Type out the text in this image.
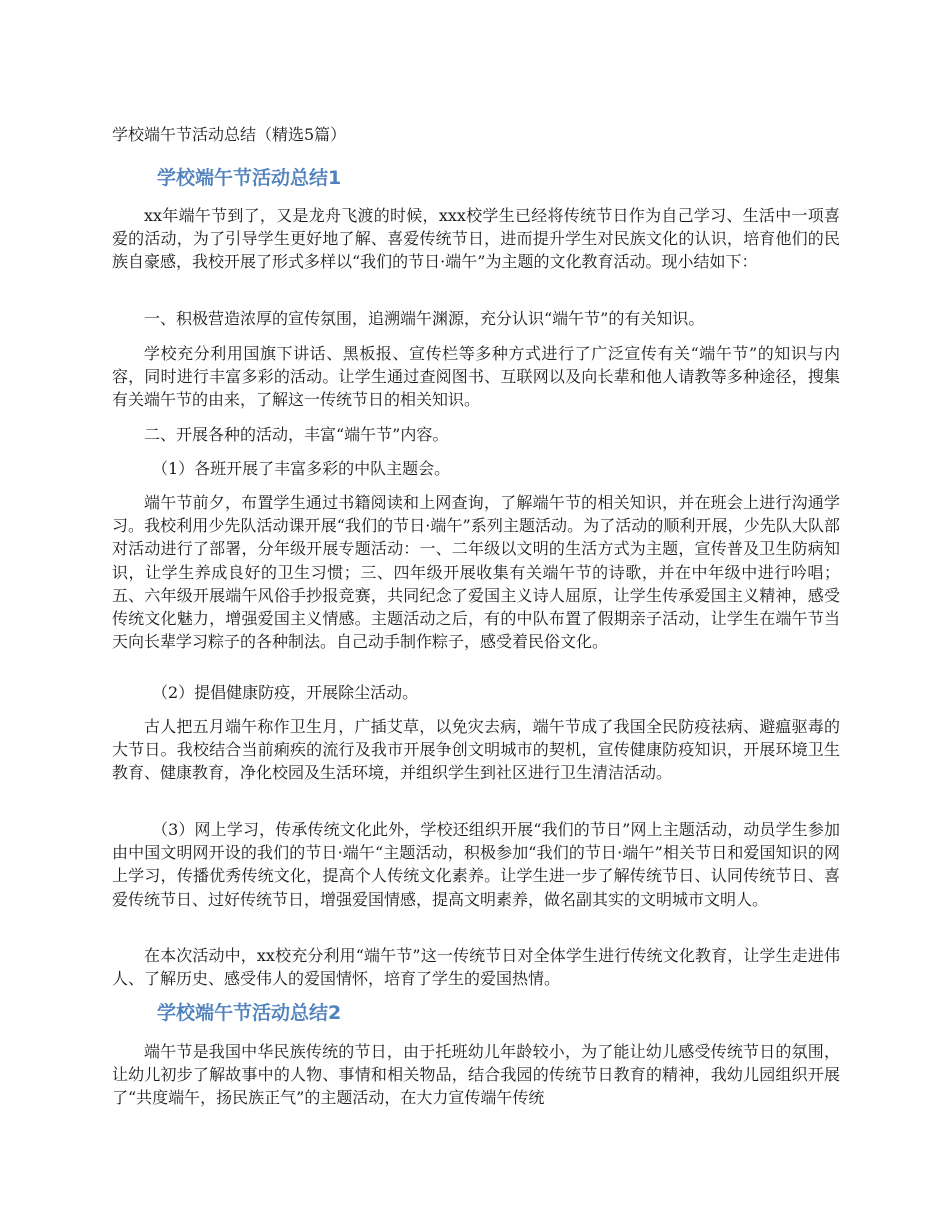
学校端午节活动总结（精选5篇）
学校端午节活动总结1

xx年端午节到了，又是龙舟飞渡的时候，xxx校学生已经将传统节日作为自己学习、生活中一项喜爱的活动，为了引导学生更好地了解、喜爱传统节日，进而提升学生对民族文化的认识，培育他们的民族自豪感，我校开展了形式多样以“我们的节日·端午”为主题的文化教育活动。现小结如下：

一、积极营造浓厚的宣传氛围，追溯端午渊源，充分认识“端午节”的有关知识。

学校充分利用国旗下讲话、黑板报、宣传栏等多种方式进行了广泛宣传有关“端午节”的知识与内容，同时进行丰富多彩的活动。让学生通过查阅图书、互联网以及向长辈和他人请教等多种途径，搜集有关端午节的由来，了解这一传统节日的相关知识。

二、开展各种的活动，丰富“端午节”内容。

（1）各班开展了丰富多彩的中队主题会。

端午节前夕，布置学生通过书籍阅读和上网查询，了解端午节的相关知识，并在班会上进行沟通学习。我校利用少先队活动课开展“我们的节日·端午”系列主题活动。为了活动的顺利开展，少先队大队部对活动进行了部署，分年级开展专题活动：一、二年级以文明的生活方式为主题，宣传普及卫生防病知识，让学生养成良好的卫生习惯；三、四年级开展收集有关端午节的诗歌，并在中年级中进行吟唱；五、六年级开展端午风俗手抄报竞赛，共同纪念了爱国主义诗人屈原，让学生传承爱国主义精神，感受传统文化魅力，增强爱国主义情感。主题活动之后，有的中队布置了假期亲子活动，让学生在端午节当天向长辈学习粽子的各种制法。自己动手制作粽子，感受着民俗文化。

（2）提倡健康防疫，开展除尘活动。

古人把五月端午称作卫生月，广插艾草，以免灾去病，端午节成了我国全民防疫祛病、避瘟驱毒的大节日。我校结合当前痢疾的流行及我市开展争创文明城市的契机，宣传健康防疫知识，开展环境卫生教育、健康教育，净化校园及生活环境，并组织学生到社区进行卫生清洁活动。

（3）网上学习，传承传统文化此外，学校还组织开展“我们的节日”网上主题活动，动员学生参加由中国文明网开设的我们的节日·端午“主题活动，积极参加“我们的节日·端午”相关节日和爱国知识的网上学习，传播优秀传统文化，提高个人传统文化素养。让学生进一步了解传统节日、认同传统节日、喜爱传统节日、过好传统节日，增强爱国情感，提高文明素养，做名副其实的文明城市文明人。

在本次活动中，xx校充分利用“端午节”这一传统节日对全体学生进行传统文化教育，让学生走进伟人、了解历史、感受伟人的爱国情怀，培育了学生的爱国热情。

学校端午节活动总结2

端午节是我国中华民族传统的节日，由于托班幼儿年龄较小，为了能让幼儿感受传统节日的氛围，让幼儿初步了解故事中的人物、事情和相关物品，结合我园的传统节日教育的精神，我幼儿园组织开展了“共度端午，扬民族正气”的主题活动，在大力宣传端午传统
